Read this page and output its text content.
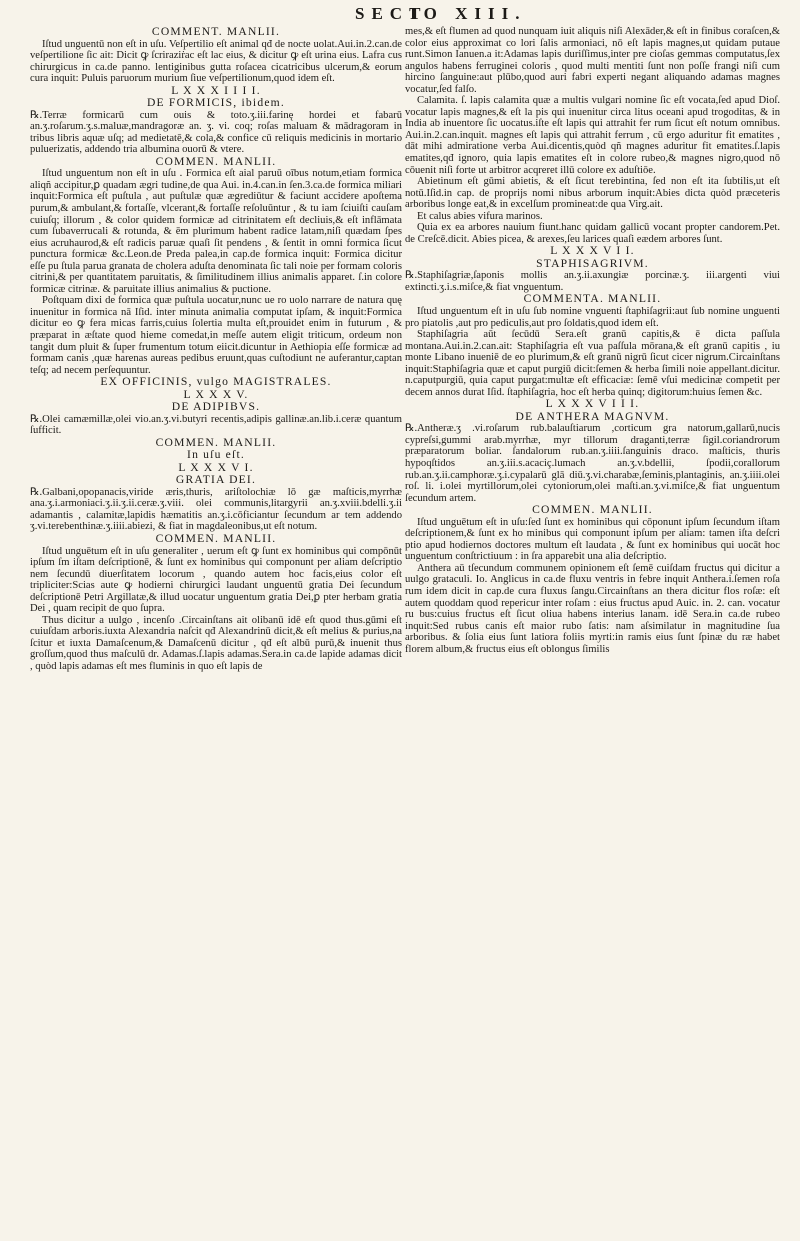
SECT
IO XIII.

COMMENT. MANLII.

Iſtud unguentū non eſt in uſu. Veſpertilio eſt animal qđ de nocte uolat.Aui.in.2.can.de veſpertilione ſic ait: Dicit ꝙ ſcriraziṙac eſt lac eius, & dicitur ꝙ eſt urina eius. Lafra cus chirurgicus in ca.de panno. lentiginibus gutta roſacea cicatricibus ulcerum,& eorum cura inquit: Puluis paruorum murium ſiue veſpertilionum,quod idem eſt.

L X X X I I I I.

DE FORMICIS, ibidem.

℞.Terræ formicarū cum ouis & toto.ʒ.iii.farinę hordei et fabarū an.ʒ.roſarum.ʒ.s.maluæ,mandragoræ an. ʒ. vi. coq; roſas maluam & mādragoram in tribus libris aquæ uſq; ad medietatē,& cola,& confice cū reliquis medicinis in mortario puluerizatis, addendo tria albumina ouorū & vtere.

COMMEN. MANLII.

Iſtud unguentum non eſt in uſu . Formica eſt aial paruū oībus notum,etiam formica aliqñ accipitur,ꝑ quadam ægri tudine,de qua Aui. in.4.can.in ſen.3.ca.de formica miliari inquit:Formica eſt puſtula , aut puſtulæ quæ ægrediūtur & faciunt accidere apoſtema purum,& ambulant,& fortaſſe, vlcerant,& fortaſſe reſoluūntur , & tu iam ſciuiſti cauſam cuiuſq; illorum , & color quidem formicæ ad citrinitatem eſt decliuis,& eſt inflāmata cum ſubaverrucali & rotunda, & ēm plurimum habent radice latam,niſi quædam ſpes eius acruhaurod,& eſt radicis paruæ quaſi ſit pendens , & ſentit in omni formica ſicut punctura formicæ &c.Leon.de Preda palea,in cap.de formica inquit: Formica dicitur eſſe pu ſtula parua granata de cholera aduſta denominata ſic tali noie per formam coloris citrini,& per quantitatem paruitatis, & ſimilitudinem illius animalis apparet. ſ.in colore formicæ citrinæ. & paruitate illius animalius & puctione.

Poſtquam dixi de formica quæ puſtula uocatur,nunc ue ro uolo narrare de natura quę inuenitur in formica nā Iſid. inter minuta animalia computat ipſam, & inquit:Formica dicitur eo ꝙ fera micas farris,cuius ſolertia multa eſt,prouidet enim in futurum , & præparat in æſtate quod hieme comedat,in meſſe autem eligit triticum, ordeum non tangit dum pluit & ſuper frumentum totum eiicit.dicuntur in Aethiopia eſſe formicæ ad formam canis ,quæ harenas aureas pedibus eruunt,quas cuſtodiunt ne auferantur,captan teſq; ad necem perſequuntur.

EX OFFICINIS, vulgo MAGISTRALES.

L X X X V.

DE ADIPIBVS.

℞.Olei camæmillæ,olei vio.an.ʒ.vi.butyri recentis,adipis gallinæ.an.lib.i.ceræ quantum ſufficit.

COMMEN. MANLII.

In uſu eſt.

L X X X V I.

GRATIA DEI.

℞.Galbani,opopanacis,viride æris,thuris, ariſtolochiæ lō gæ maſticis,myrrhæ ana.ʒ.i.armoniaci.ʒ.ii.ʒ.ii.ceræ.ʒ.viii. olei communis,litargyrii an.ʒ.xviii.bdelli.ʒ.ii adamantis , calamitæ,lapidis hæmatitis an.ʒ.i.cōficiantur ſecundum ar tem addendo ʒ.vi.terebenthinæ.ʒ.iiii.abiezi, & fiat in magdaleonibus,ut eſt notum.

COMMEN. MANLII.

Iſtud unguētum eſt in uſu generaliter , uerum eſt ꝙ ſunt ex hominibus qui compōnūt ipſum ſm iſtam deſcriptionē, & ſunt ex hominibus qui componunt per aliam deſcriptio nem ſecundū diuerſitatem locorum , quando autem hoc facis,eius color eſt tripliciter:Scias aute ꝙ hodierni chirurgici laudant unguentū gratia Dei ſecundum deſcriptionē Petri Argillatæ,& illud uocatur unguentum gratia Dei,ꝑ pter herbam gratia Dei , quam recipit de quo ſupra.

Thus dicitur a uulgo , incenſo .Circainſtans ait olibanū idē eſt quod thus.gūmi eſt cuiuſdam arboris.iuxta Alexandria naſcit qđ Alexandrinū dicit,& eſt melius & purius,na ſcitur et iuxta Damaſcenum,& Damaſcenū dicitur , qđ eſt albū purū,& inuenit thus groſſum,quod thus maſculū dr. Adamas.ſ.lapis adamas.Sera.in ca.de lapide adamas dicit , quòd lapis adamas eſt mes fluminis in quo eſt lapis de

mes,& eſt flumen ad quod nunquam iuit aliquis niſi Alexāder,& eſt in finibus coraſcen,& color eius approximat co lori ſalis armoniaci, nō eſt lapis magnes,ut quidam putaue runt.Simon Ianuen.a it:Adamas lapis duriſſimus,inter pre cioſas gemmas computatus,ſex angulos habens ferruginei coloris , quod multi mentiti ſunt non poſſe frangi niſi cum hircino ſanguine:aut plūbo,quod auri fabri experti negant aliquando adamas magnes vocatur,ſed falſo.

Calamita. ſ. lapis calamita quæ a multis vulgari nomine ſic eſt vocata,ſed apud Dioſ. vocatur lapis magnes,& eſt la pis qui inuenitur circa litus oceani apud trogoditas, & in India ab inuentore ſic uocatus.iſte eſt lapis qui attrahit fer rum ſicut eſt notum omnibus. Aui.in.2.can.inquit. magnes eſt lapis qui attrahit ferrum , cū ergo aduritur fit ematites , dāt mihi admiratione verba Aui.dicentis,quòd qñ magnes aduritur fit ematites.ſ.lapis ematites,qđ ignoro, quia lapis ematites eſt in colore rubeo,& magnes nigro,quod nō cōuenit niſi forte ut arbitror acqreret illū colore ex aduſtiōe.

Abietinum eſt gūmi abietis, & eſt ſicut terebintina, ſed non eſt ita ſubtilis,ut eſt notū.Iſid.in cap. de proprijs nomi nibus arborum inquit:Abies dicta quòd præceteris arboribus longe eat,& in excelſum promineat:de qua Virg.ait.

Et calus abies vifura marinos.

Quia ex ea arbores nauium fiunt.hanc quidam gallicū vocant propter candorem.Pet. de Creſcē.dicit. Abies picea, & arexes,ſeu larices quaſi eædem arbores ſunt.

L X X X V I I.

STAPHISAGRIVM.

℞.Staphiſagriæ,ſaponis mollis an.ʒ.ii.axungiæ porcinæ.ʒ. iii.argenti viui extincti.ʒ.i.s.miſce,& fiat vnguentum.

COMMENTA. MANLII.

Iſtud unguentum eſt in uſu ſub nomine vnguenti ſtaphiſagrii:aut ſub nomine unguenti pro piatolis ,aut pro pediculis,aut pro ſoldatis,quod idem eſt.

Staphiſagria aūt ſecūdū Sera.eſt granū capitis,& ē dicta paſſula montana.Aui.in.2.can.ait: Staphiſagria eſt vua paſſula mōrana,& eſt granū capitis , iu monte Libano inueniē de eo plurimum,& eſt granū nigrū ſicut cicer nigrum.Circainſtans inquit:Staphiſagria quæ et caput purgiū dicit:ſemen & herba ſimili noie appellant.dicitur. n.caputpurgiū, quia caput purgat:multæ eſt efficaciæ: ſemē vſui medicinæ competit per decem annos durat Iſid. ſtaphiſagria, hoc eſt herba quinq; digitorum:huius ſemen &c.

L X X X V I I I.

DE ANTHERA MAGNVM.

℞.Antheræ.ʒ .vi.roſarum rub.balauſtiarum ,corticum gra natorum,gallarū,nucis cypreſsi,gummi arab.myrrhæ, myr tillorum draganti,terræ ſigil.coriandrorum præparatorum boliar. ſandalorum rub.an.ʒ.iiii.ſanguinis draco. maſticis, thuris hypoqſtidos an.ʒ.iii.s.acaciç.lumach an.ʒ.v.bdellii, ſpodii,corallorum rub.an.ʒ.ii.camphoræ.ʒ.i.cypalarū glā diū.ʒ.vi.charabæ,ſeminis,plantaginis, an.ʒ.iiii.olei roſ. li. i.olei myrtillorum,olei cytoniorum,olei maſti.an.ʒ.vi.miſce,& fiat unguentum ſecundum artem.

COMMEN. MANLII.

Iſtud unguētum eſt in uſu:ſed ſunt ex hominibus qui cōponunt ipſum ſecundum iſtam deſcriptionem,& ſunt ex ho minibus qui componunt ipſum per aliam: tamen iſta deſcri ptio apud hodiernos doctores multum eſt laudata , & ſunt ex hominibus qui uocāt hoc unguentum conſtrictiuum : in ſra apparebit una alia deſcriptio.

Anthera aū tſecundum communem opinionem eſt ſemē cuiſdam fructus qui dicitur a uulgo grataculi. Io. Anglicus in ca.de fluxu ventris in febre inquit Anthera.i.ſemen roſa rum idem dicit in cap.de cura fluxus ſangu.Circainſtans an thera dicitur flos roſæ: eſt autem quoddam quod repericur inter roſam : eius fructus apud Auic. in. 2. can. vocatur ru bus:cuius fructus eſt ſicut oliua habens interius lanam. idē Sera.in ca.de rubeo inquit:Sed rubus canis eſt maior rubo ſatis: nam aſsimilatur in magnitudine ſua arboribus. & ſolia eius ſunt latiora foliis myrti:in ramis eius ſunt ſpinæ du ræ habet florem album,& fructus eius eſt oblongus ſimilis
